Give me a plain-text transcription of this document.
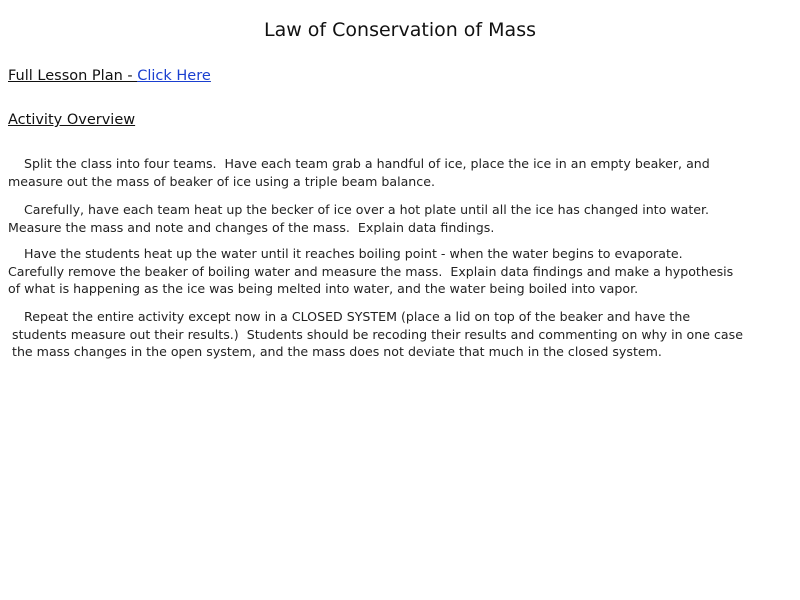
Law of Conservation of Mass
Full Lesson Plan - Click Here
Activity Overview
Split the class into four teams.  Have each team grab a handful of ice, place the ice in an empty beaker, and
measure out the mass of beaker of ice using a triple beam balance.
Carefully, have each team heat up the becker of ice over a hot plate until all the ice has changed into water.
Measure the mass and note and changes of the mass.  Explain data findings.
Have the students heat up the water until it reaches boiling point - when the water begins to evaporate.
Carefully remove the beaker of boiling water and measure the mass.  Explain data findings and make a hypothesis
of what is happening as the ice was being melted into water, and the water being boiled into vapor.
Repeat the entire activity except now in a CLOSED SYSTEM (place a lid on top of the beaker and have the
students measure out their results.)  Students should be recoding their results and commenting on why in one case
the mass changes in the open system, and the mass does not deviate that much in the closed system.
